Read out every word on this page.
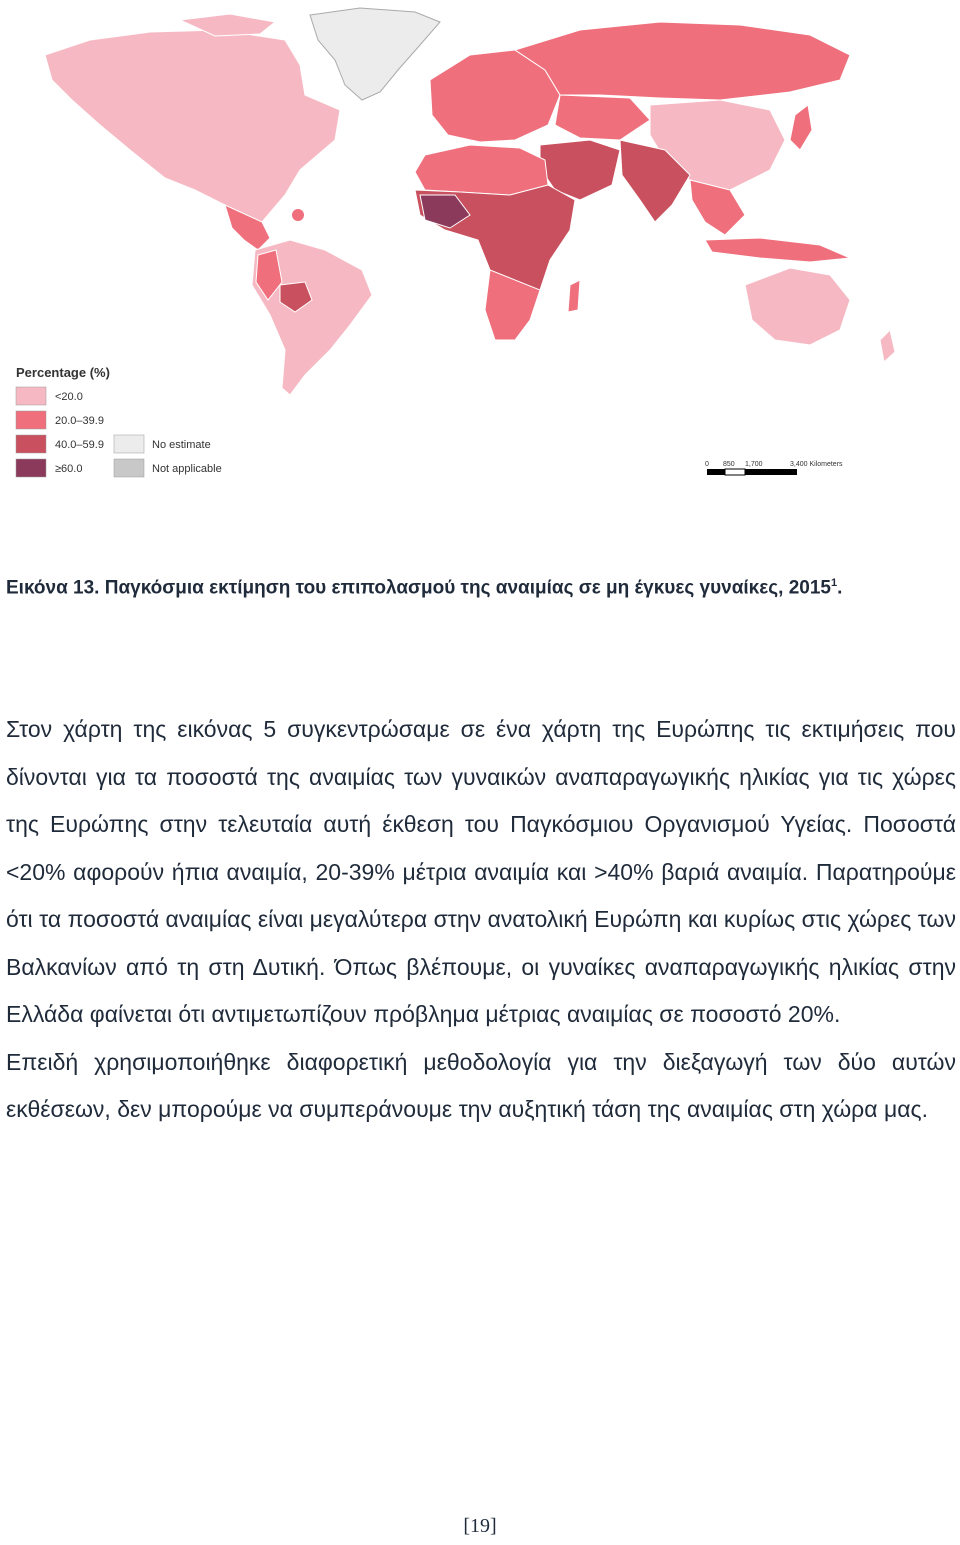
Percentage (%)
<20.0
20.0–39.9
40.0–59.9
≥60.0
No estimate
Not applicable	0 850 1,700	3,400 Kilometers

Εικόνα 13. Παγκόσμια εκτίμηση του επιπολασμού της αναιμίας σε μη έγκυες γυναίκες, 2015$^1$.

Στον χάρτη της εικόνας 5 συγκεντρώσαμε σε ένα χάρτη της Ευρώπης τις εκτιμήσεις που δίνονται για τα ποσοστά της αναιμίας των γυναικών αναπαραγωγικής ηλικίας για τις χώρες της Ευρώπης στην τελευταία αυτή έκθεση του Παγκόσμιου Οργανισμού Υγείας. Ποσοστά <20% αφορούν ήπια αναιμία, 20-39% μέτρια αναιμία και >40% βαριά αναιμία. Παρατηρούμε ότι τα ποσοστά αναιμίας είναι μεγαλύτερα στην ανατολική Ευρώπη και κυρίως στις χώρες των Βαλκανίων από τη στη Δυτική. Όπως βλέπουμε, οι γυναίκες αναπαραγωγικής ηλικίας στην Ελλάδα φαίνεται ότι αντιμετωπίζουν πρόβλημα μέτριας αναιμίας σε ποσοστό 20%.

Επειδή χρησιμοποιήθηκε διαφορετική μεθοδολογία για την διεξαγωγή των δύο αυτών εκθέσεων, δεν μπορούμε να συμπεράνουμε την αυξητική τάση της αναιμίας στη χώρα μας.

[19]
